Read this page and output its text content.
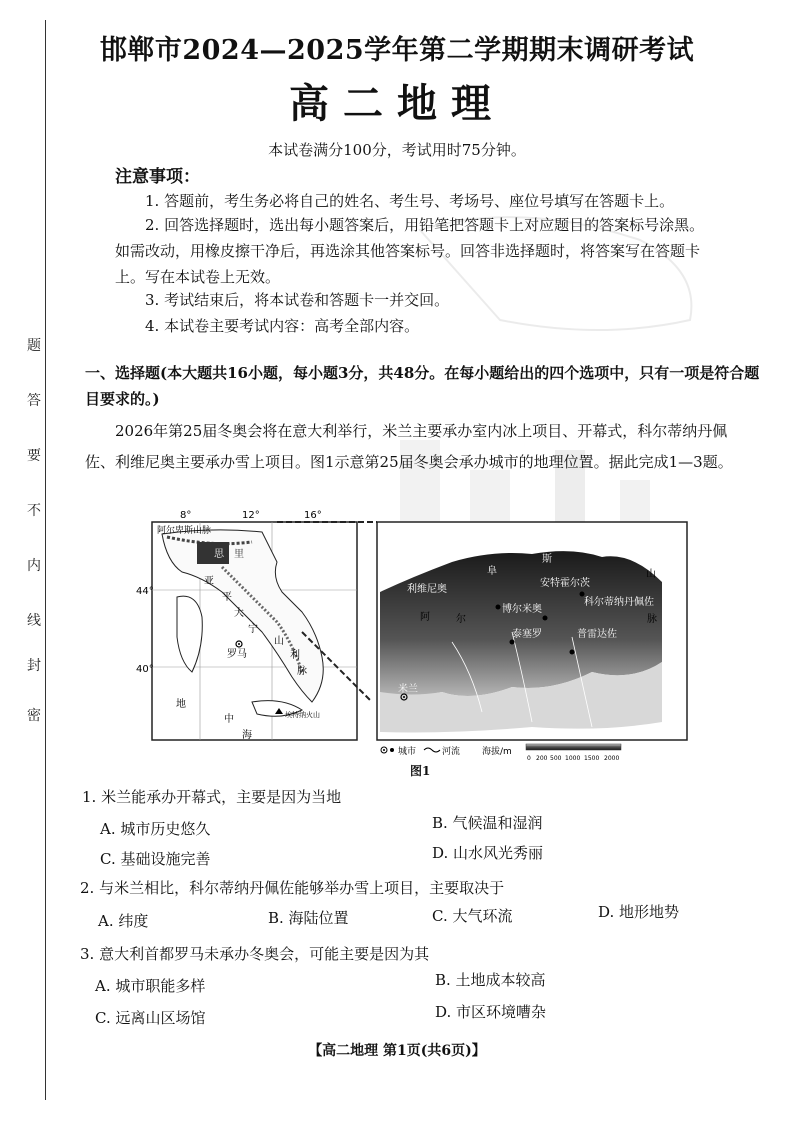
题
答
要
不
内
线
封
密
邯郸市2024—2025学年第二学期期末调研考试
高二地理
本试卷满分100分，考试用时75分钟。
注意事项：
1. 答题前，考生务必将自己的姓名、考生号、考场号、座位号填写在答题卡上。
2. 回答选择题时，选出每小题答案后，用铅笔把答题卡上对应题目的答案标号涂黑。如需改动，用橡皮擦干净后，再选涂其他答案标号。回答非选择题时，将答案写在答题卡上。写在本试卷上无效。
3. 考试结束后，将本试卷和答题卡一并交回。
4. 本试卷主要考试内容：高考全部内容。
一、选择题(本大题共16小题，每小题3分，共48分。在每小题给出的四个选项中，只有一项是符合题目要求的。)
2026年第25届冬奥会将在意大利举行，米兰主要承办室内冰上项目、开幕式，科尔蒂纳丹佩佐、利维尼奥主要承办雪上项目。图1示意第25届冬奥会承办城市的地理位置。据此完成1—3题。
阿尔卑斯山脉
思 里
亚
平
大
宁
罗马
山
利
脉
地
中
海
埃特纳火山
8°	12°	16°
44°
40°
利维尼奥
阜
斯
山
安特霍尔茨
博尔米奥
科尔蒂纳丹佩佐
阿	尔
泰塞罗	普雷达佐
脉
米兰
城市	河流 海拔/m
0 200 500 1000 1500 2000
图1
1. 米兰能承办开幕式，主要是因为当地
A. 城市历史悠久	B. 气候温和湿润
C. 基础设施完善	D. 山水风光秀丽
2. 与米兰相比，科尔蒂纳丹佩佐能够举办雪上项目，主要取决于
A. 纬度	B. 海陆位置	C. 大气环流	D. 地形地势
3. 意大利首都罗马未承办冬奥会，可能主要是因为其
A. 城市职能多样	B. 土地成本较高
C. 远离山区场馆	D. 市区环境嘈杂
【高二地理 第1页(共6页)】
